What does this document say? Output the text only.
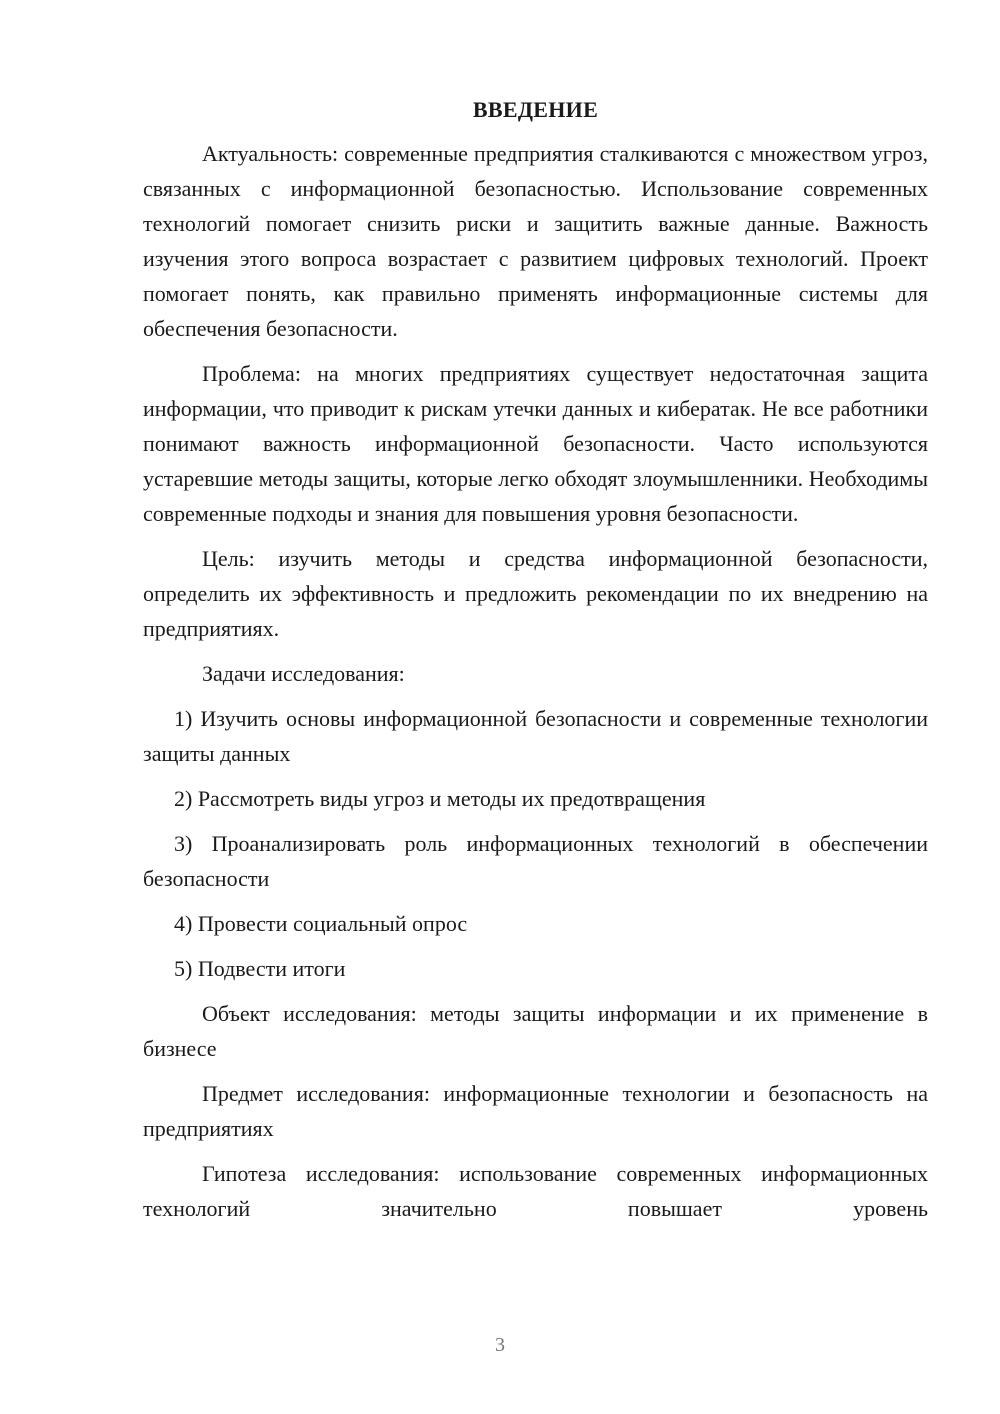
ВВЕДЕНИЕ

Актуальность: современные предприятия сталкиваются с множеством угроз, связанных с информационной безопасностью. Использование современных технологий помогает снизить риски и защитить важные данные. Важность изучения этого вопроса возрастает с развитием цифровых технологий. Проект помогает понять, как правильно применять информационные системы для обеспечения безопасности.

Проблема: на многих предприятиях существует недостаточная защита информации, что приводит к рискам утечки данных и кибератак. Не все работники понимают важность информационной безопасности. Часто используются устаревшие методы защиты, которые легко обходят злоумышленники. Необходимы современные подходы и знания для повышения уровня безопасности.

Цель: изучить методы и средства информационной безопасности, определить их эффективность и предложить рекомендации по их внедрению на предприятиях.

Задачи исследования:

1) Изучить основы информационной безопасности и современные технологии защиты данных

2) Рассмотреть виды угроз и методы их предотвращения

3) Проанализировать роль информационных технологий в обеспечении безопасности

4) Провести социальный опрос

5) Подвести итоги

Объект исследования: методы защиты информации и их применение в бизнесе

Предмет исследования: информационные технологии и безопасность на предприятиях

Гипотеза исследования: использование современных информационных технологий значительно повышает уровень

3
